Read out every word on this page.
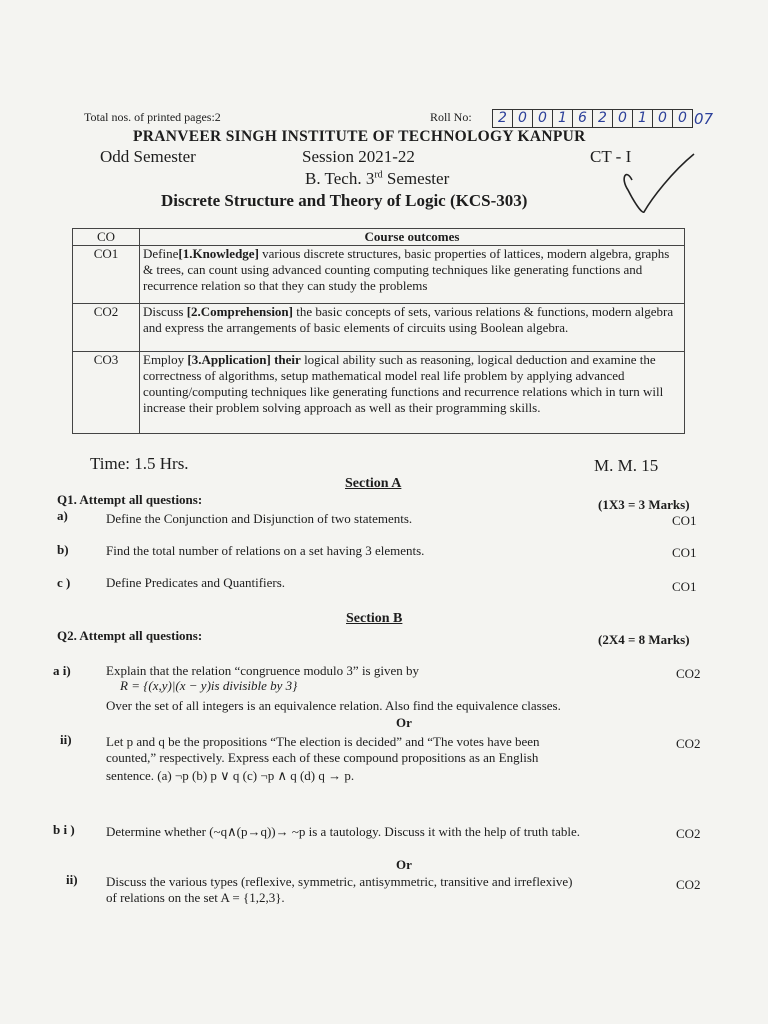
Total nos. of printed pages:2	Roll No:	2 0 0 1 6 2 0 1 0 0 07
PRANVEER SINGH INSTITUTE OF TECHNOLOGY KANPUR
Odd Semester	Session 2021-22	CT - I
B. Tech. 3rd Semester
Discrete Structure and Theory of Logic (KCS-303)
CO	Course outcomes
CO1	Define[1.Knowledge] various discrete structures, basic properties of lattices, modern algebra, graphs & trees, can count using advanced counting computing techniques like generating functions and recurrence relation so that they can study the problems
CO2	Discuss [2.Comprehension] the basic concepts of sets, various relations & functions, modern algebra and express the arrangements of basic elements of circuits using Boolean algebra.
CO3	Employ [3.Application] their logical ability such as reasoning, logical deduction and examine the correctness of algorithms, setup mathematical model real life problem by applying advanced counting/computing techniques like generating functions and recurrence relations which in turn will increase their problem solving approach as well as their programming skills.
Time: 1.5 Hrs.	M. M. 15
Section A
Q1. Attempt all questions:	(1X3 = 3 Marks)
a)	Define the Conjunction and Disjunction of two statements.	CO1
b)	Find the total number of relations on a set having 3 elements.	CO1
c )	Define Predicates and Quantifiers.	CO1
Section B
Q2. Attempt all questions:	(2X4 = 8 Marks)
a i)	Explain that the relation “congruence modulo 3” is given by	CO2
R = {(x,y)|(x − y)is divisible by 3}
Over the set of all integers is an equivalence relation. Also find the equivalence classes.
Or
ii)	Let p and q be the propositions “The election is decided” and “The votes have been	CO2
counted,” respectively. Express each of these compound propositions as an English
sentence. (a) ¬p (b) p ∨ q (c) ¬p ∧ q (d) q → p.
b i ) Determine whether (~q∧(p→q))→ ~p is a tautology. Discuss it with the help of truth table.	CO2
Or
ii) Discuss the various types (reflexive, symmetric, antisymmetric, transitive and irreflexive)	CO2
of relations on the set A = {1,2,3}.
